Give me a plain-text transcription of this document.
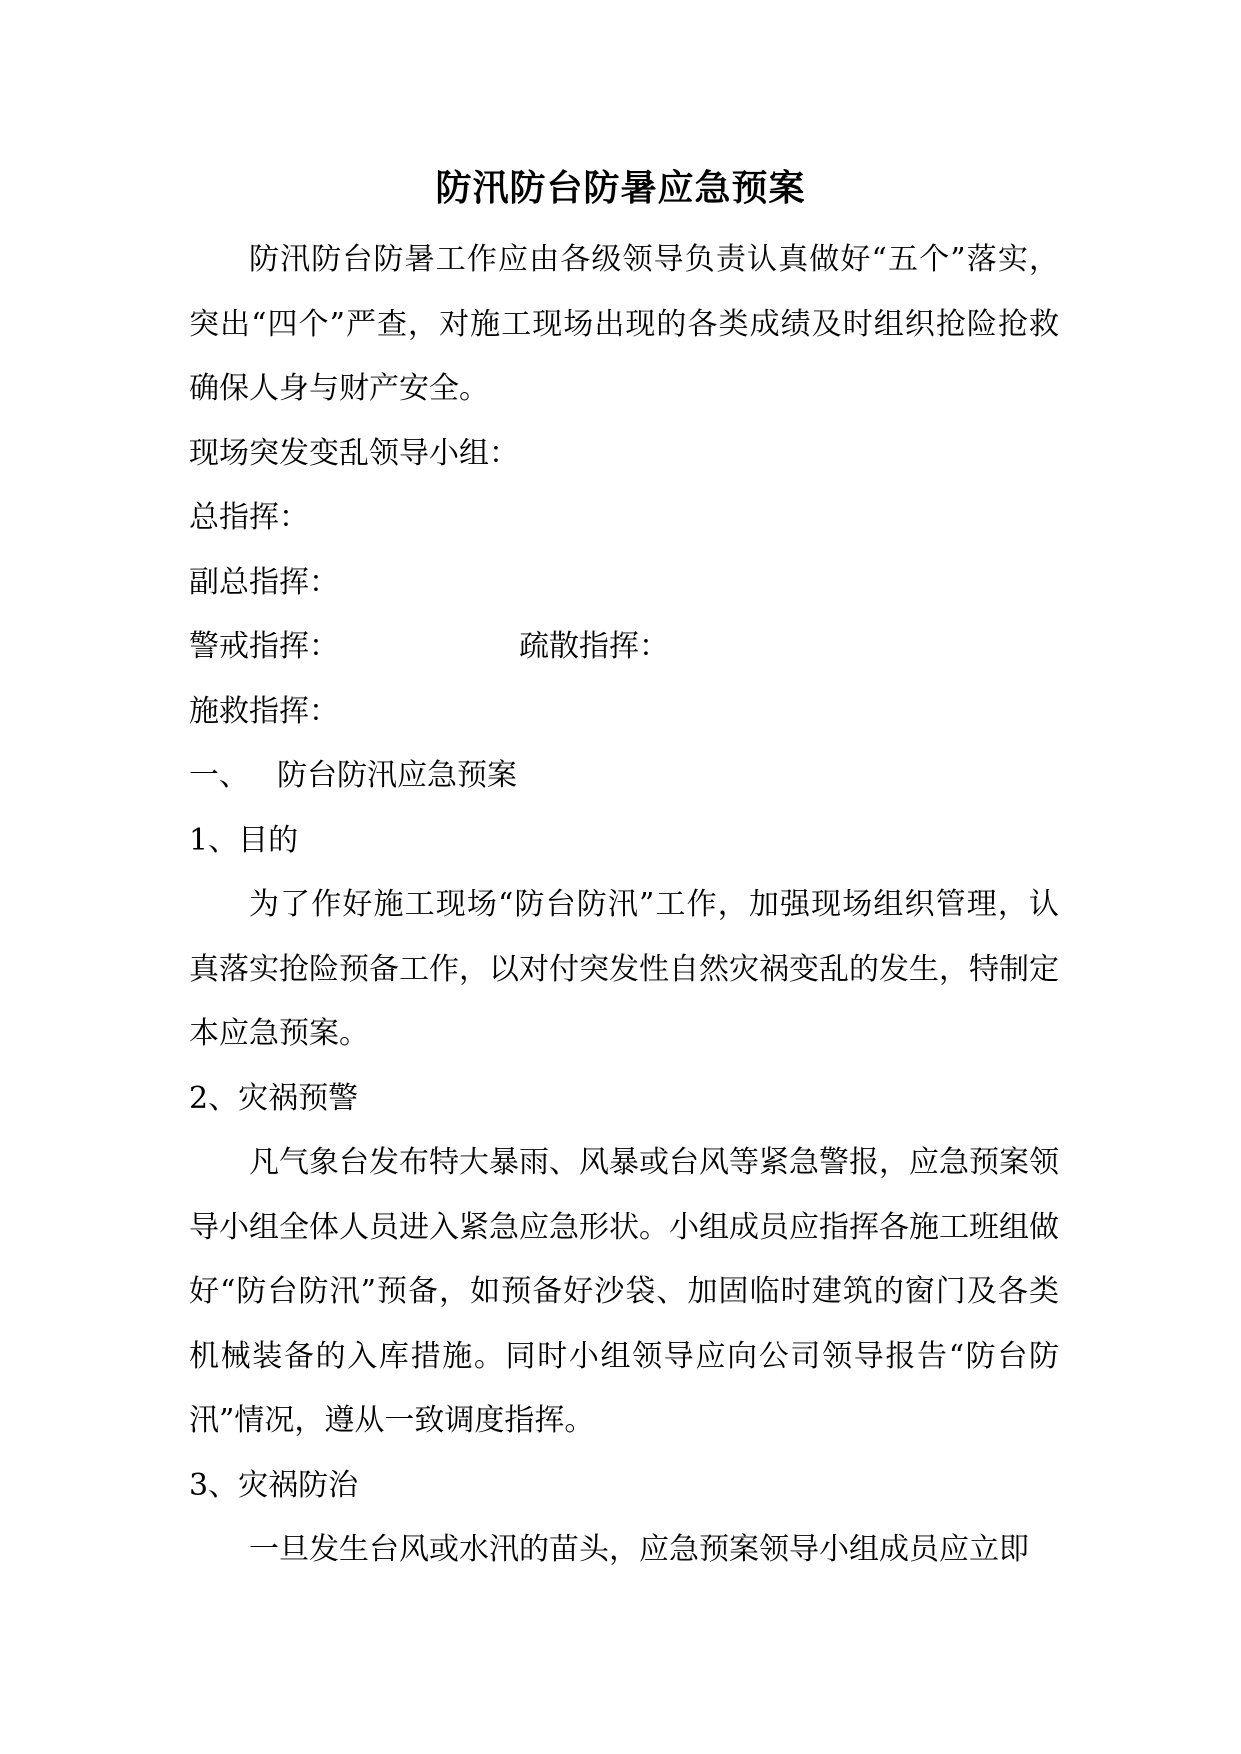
防汛防台防暑应急预案

防汛防台防暑工作应由各级领导负责认真做好“五个”落实，突出“四个”严查，对施工现场出现的各类成绩及时组织抢险抢救确保人身与财产安全。

现场突发变乱领导小组：

总指挥：

副总指挥：

警戒指挥：	疏散指挥：

施救指挥：

一、 防台防汛应急预案

1、目的

为了作好施工现场“防台防汛”工作，加强现场组织管理，认真落实抢险预备工作，以对付突发性自然灾祸变乱的发生，特制定本应急预案。

2、灾祸预警

凡气象台发布特大暴雨、风暴或台风等紧急警报，应急预案领导小组全体人员进入紧急应急形状。小组成员应指挥各施工班组做好“防台防汛”预备，如预备好沙袋、加固临时建筑的窗门及各类机械装备的入库措施。同时小组领导应向公司领导报告“防台防汛”情况，遵从一致调度指挥。

3、灾祸防治

一旦发生台风或水汛的苗头，应急预案领导小组成员应立即
